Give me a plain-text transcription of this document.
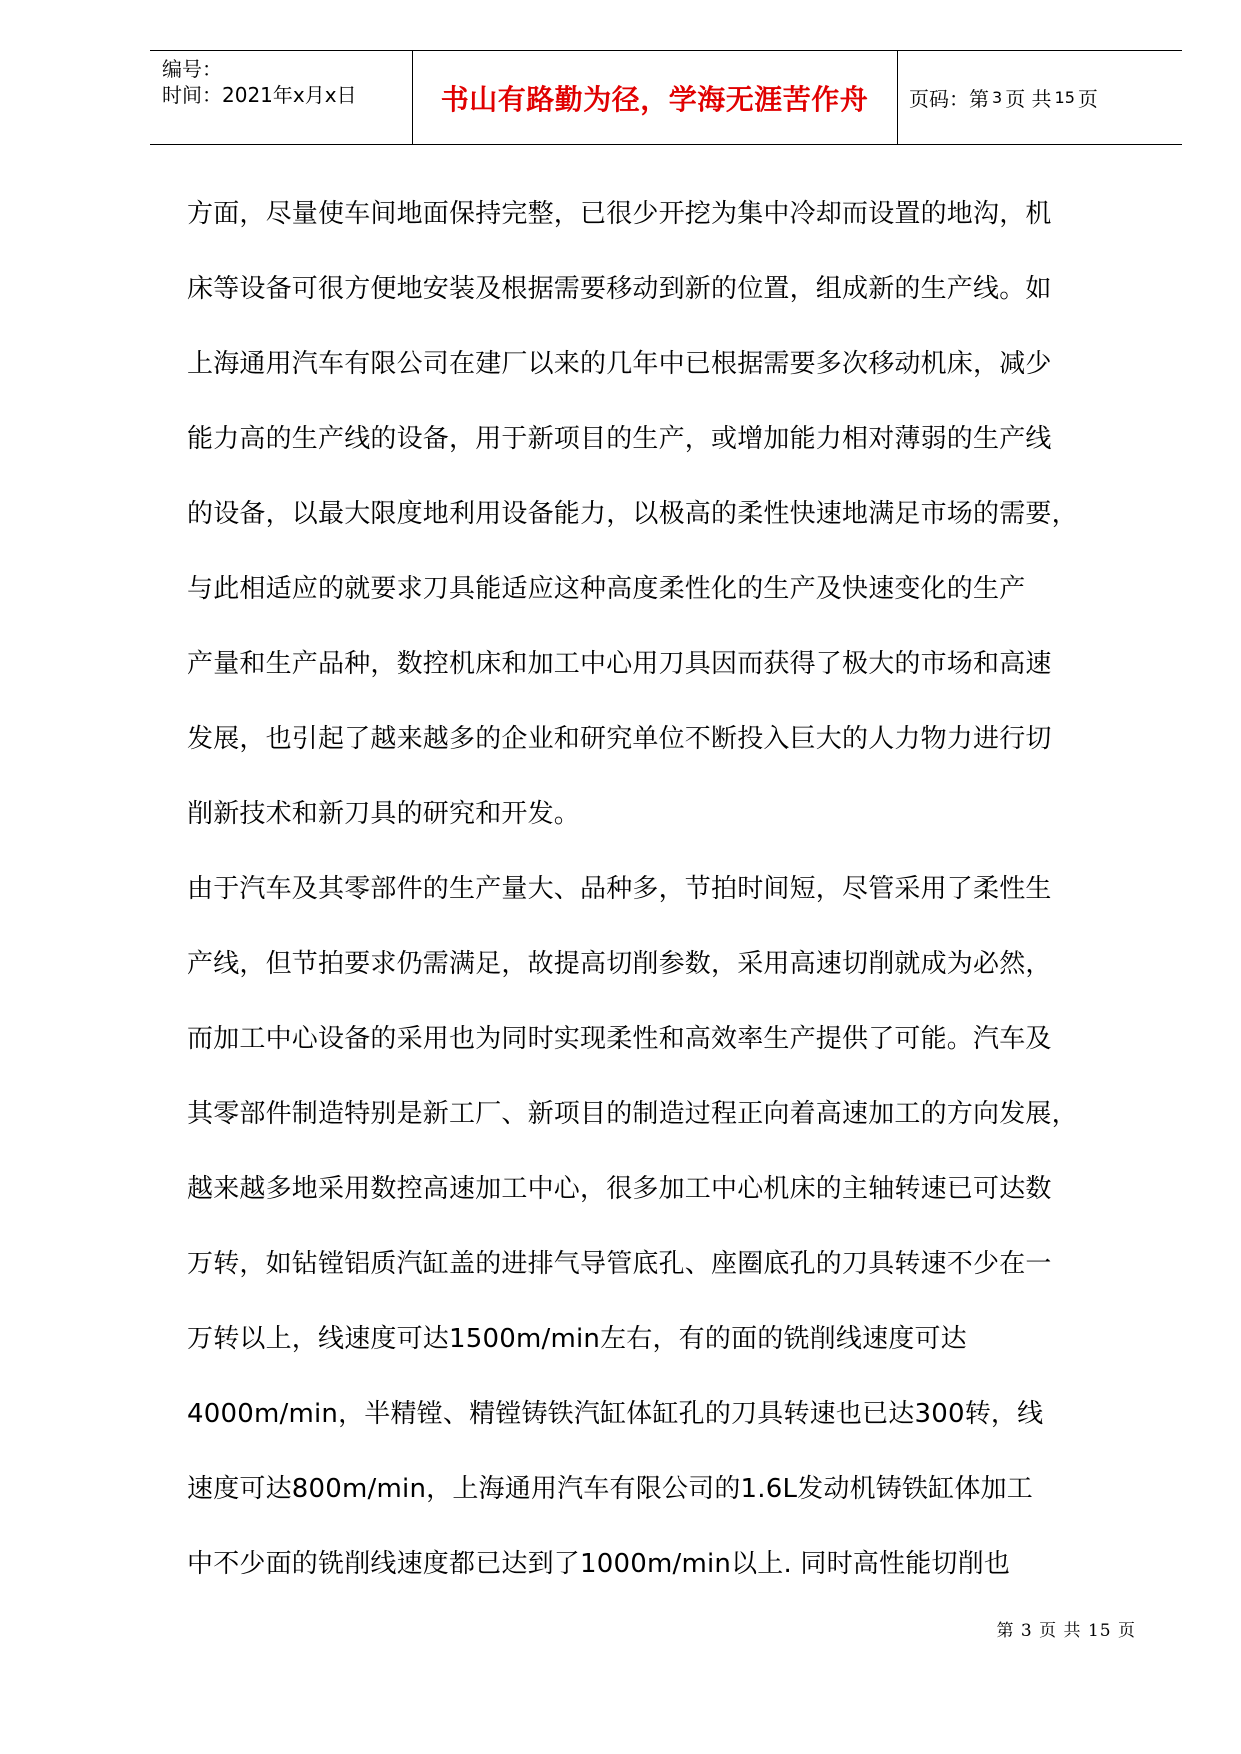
编号：
时间：2021年x月x日	书山有路勤为径，学海无涯苦作舟	页码：第 3 页 共 15 页
方面，尽量使车间地面保持完整，已很少开挖为集中冷却而设置的地沟，机
床等设备可很方便地安装及根据需要移动到新的位置，组成新的生产线。如
上海通用汽车有限公司在建厂以来的几年中已根据需要多次移动机床，减少
能力高的生产线的设备，用于新项目的生产，或增加能力相对薄弱的生产线
的设备，以最大限度地利用设备能力，以极高的柔性快速地满足市场的需要，
与此相适应的就要求刀具能适应这种高度柔性化的生产及快速变化的生产
产量和生产品种，数控机床和加工中心用刀具因而获得了极大的市场和高速
发展，也引起了越来越多的企业和研究单位不断投入巨大的人力物力进行切
削新技术和新刀具的研究和开发。
由于汽车及其零部件的生产量大、品种多，节拍时间短，尽管采用了柔性生
产线，但节拍要求仍需满足，故提高切削参数，采用高速切削就成为必然，
而加工中心设备的采用也为同时实现柔性和高效率生产提供了可能。汽车及
其零部件制造特别是新工厂、新项目的制造过程正向着高速加工的方向发展，
越来越多地采用数控高速加工中心，很多加工中心机床的主轴转速已可达数
万转，如钻镗铝质汽缸盖的进排气导管底孔、座圈底孔的刀具转速不少在一
万转以上，线速度可达1500m/min左右，有的面的铣削线速度可达
4000m/min，半精镗、精镗铸铁汽缸体缸孔的刀具转速也已达300转，线
速度可达800m/min，上海通用汽车有限公司的1.6L发动机铸铁缸体加工
中不少面的铣削线速度都已达到了1000m/min以上. 同时高性能切削也
第 3 页 共 15 页
